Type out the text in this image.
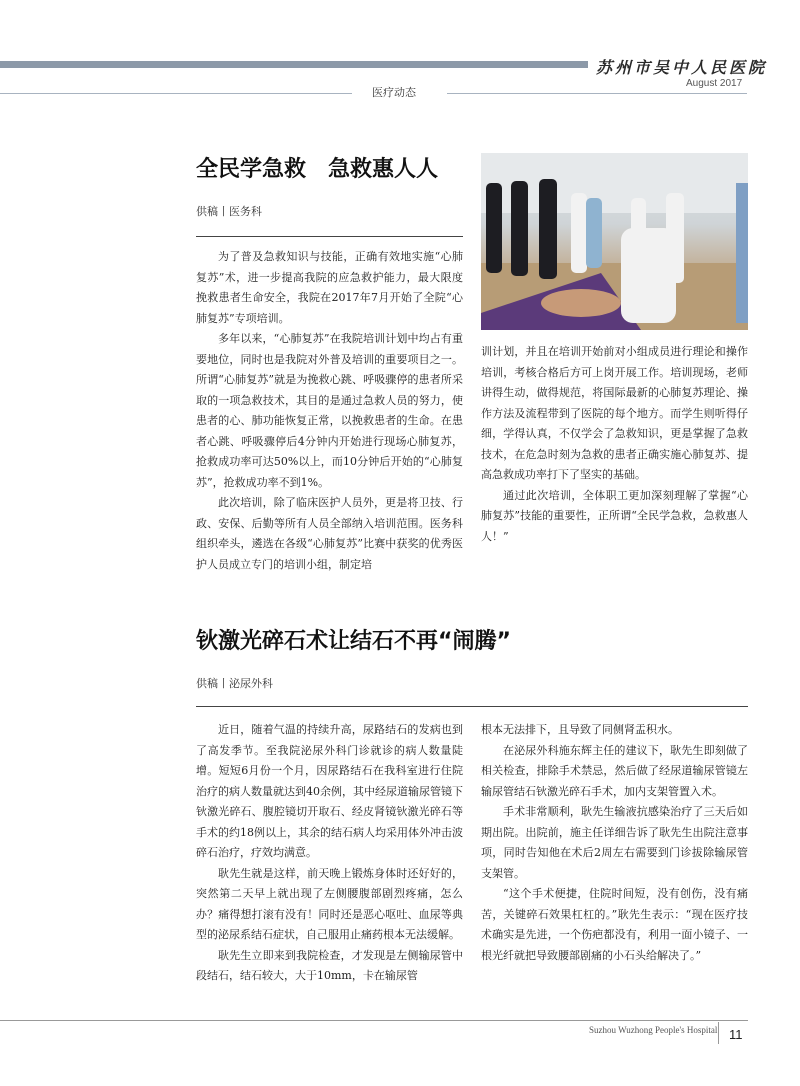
苏州市吴中人民医院
August 2017
医疗动态
全民学急救　急救惠人人
供稿丨医务科

为了普及急救知识与技能，正确有效地实施“心肺复苏”术，进一步提高我院的应急救护能力，最大限度挽救患者生命安全，我院在2017年7月开始了全院“心肺复苏”专项培训。

多年以来，“心肺复苏”在我院培训计划中均占有重要地位，同时也是我院对外普及培训的重要项目之一。所谓“心肺复苏”就是为挽救心跳、呼吸骤停的患者所采取的一项急救技术，其目的是通过急救人员的努力，使患者的心、肺功能恢复正常，以挽救患者的生命。在患者心跳、呼吸骤停后4分钟内开始进行现场心肺复苏，抢救成功率可达50%以上，而10分钟后开始的“心肺复苏”，抢救成功率不到1%。

此次培训，除了临床医护人员外，更是将卫技、行政、安保、后勤等所有人员全部纳入培训范围。医务科组织牵头，遴选在各级“心肺复苏”比赛中获奖的优秀医护人员成立专门的培训小组，制定培

训计划，并且在培训开始前对小组成员进行理论和操作培训，考核合格后方可上岗开展工作。培训现场，老师讲得生动，做得规范，将国际最新的心肺复苏理论、操作方法及流程带到了医院的每个地方。而学生则听得仔细，学得认真，不仅学会了急救知识，更是掌握了急救技术，在危急时刻为急救的患者正确实施心肺复苏、提高急救成功率打下了坚实的基础。

通过此次培训，全体职工更加深刻理解了掌握“心肺复苏”技能的重要性，正所谓“全民学急救，急救惠人人！”

钬激光碎石术让结石不再“闹腾”
供稿丨泌尿外科

近日，随着气温的持续升高，尿路结石的发病也到了高发季节。至我院泌尿外科门诊就诊的病人数量陡增。短短6月份一个月，因尿路结石在我科室进行住院治疗的病人数量就达到40余例，其中经尿道输尿管镜下钬激光碎石、腹腔镜切开取石、经皮肾镜钬激光碎石等手术的约18例以上，其余的结石病人均采用体外冲击波碎石治疗，疗效均满意。

耿先生就是这样，前天晚上锻炼身体时还好好的，突然第二天早上就出现了左侧腰腹部剧烈疼痛，怎么办？痛得想打滚有没有！同时还是恶心呕吐、血尿等典型的泌尿系结石症状，自己服用止痛药根本无法缓解。

耿先生立即来到我院检查，才发现是左侧输尿管中段结石，结石较大，大于10mm，卡在输尿管

根本无法排下，且导致了同侧肾盂积水。

在泌尿外科施东辉主任的建议下，耿先生即刻做了相关检查，排除手术禁忌，然后做了经尿道输尿管镜左输尿管结石钬激光碎石手术，加内支架管置入术。

手术非常顺利，耿先生输液抗感染治疗了三天后如期出院。出院前，施主任详细告诉了耿先生出院注意事项，同时告知他在术后2周左右需要到门诊拔除输尿管支架管。

“这个手术便捷，住院时间短，没有创伤，没有痛苦，关键碎石效果杠杠的。”耿先生表示：“现在医疗技术确实是先进，一个伤疤都没有，利用一面小镜子、一根光纤就把导致腰部剧痛的小石头给解决了。”

Suzhou Wuzhong People's Hospital 11
